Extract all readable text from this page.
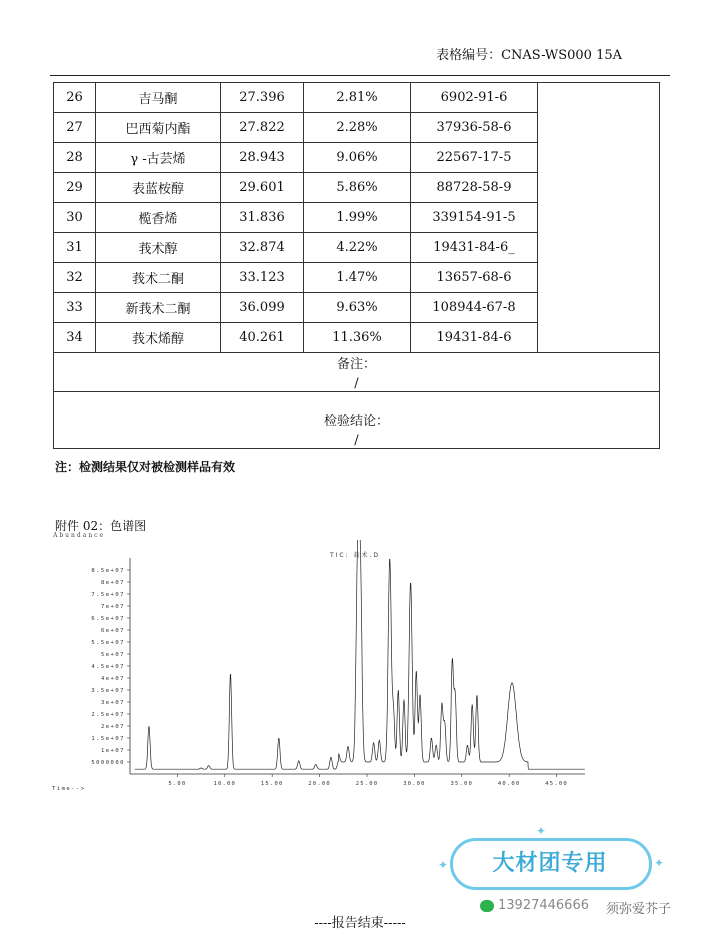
表格编号：CNAS-WS000 15A
26	吉马酮	27.396	2.81%	6902-91-6	
27	巴西菊内酯	27.822	2.28%	37936-58-6	
28	γ -古芸烯	28.943	9.06%	22567-17-5	
29	表蓝桉醇	29.601	5.86%	88728-58-9	
30	榄香烯	31.836	1.99%	339154-91-5	
31	莪术醇	32.874	4.22%	19431-84-6_	
32	莪术二酮	33.123	1.47%	13657-68-6	
33	新莪术二酮	36.099	9.63%	108944-67-8	
34	莪术烯醇	40.261	11.36%	19431-84-6	

备注：
/					

检验结论：
/					
注：检测结果仅对被检测样品有效
附件 02：色谱图
Abundance
5000000
1e+07
1.5e+07
2e+07
2.5e+07
3e+07
3.5e+07
4e+07
4.5e+07
5e+07
5.5e+07
6e+07
6.5e+07
7e+07
7.5e+07
8e+07
8.5e+07
5.00	10.00	15.00	20.00	25.00	30.00	35.00	40.00	45.00
TIC: 莪术.D
Time-->
✦
✦	✦
大材团专用
13927446666 须弥爱芥子
----报告结束-----
